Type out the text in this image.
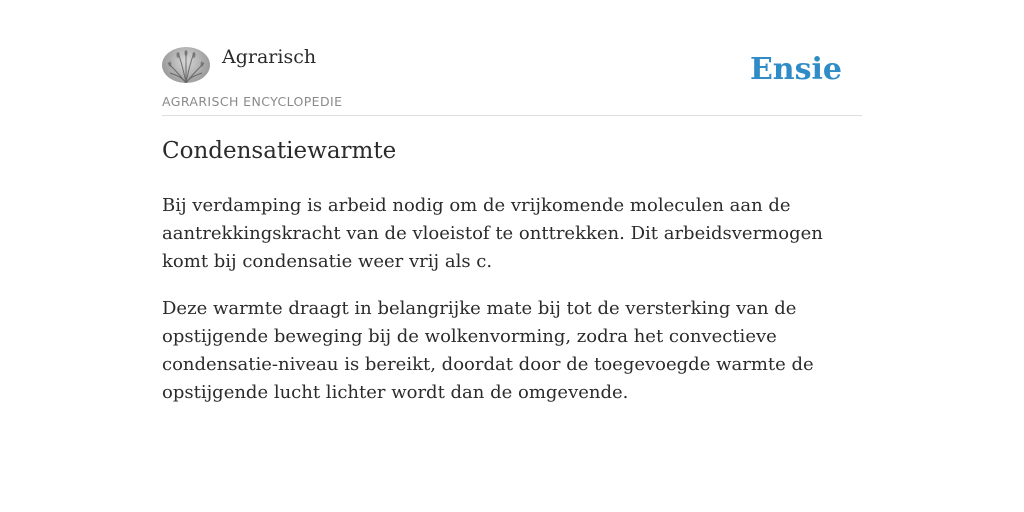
Agrarisch
AGRARISCH ENCYCLOPEDIE
Ensie
Condensatiewarmte

Bij verdamping is arbeid nodig om de vrijkomende moleculen aan de aantrekkingskracht van de vloeistof te onttrekken. Dit arbeidsvermogen komt bij condensatie weer vrij als c.

Deze warmte draagt in belangrijke mate bij tot de versterking van de opstijgende beweging bij de wolkenvorming, zodra het convectieve condensatie-niveau is bereikt, doordat door de toegevoegde warmte de opstijgende lucht lichter wordt dan de omgevende.
